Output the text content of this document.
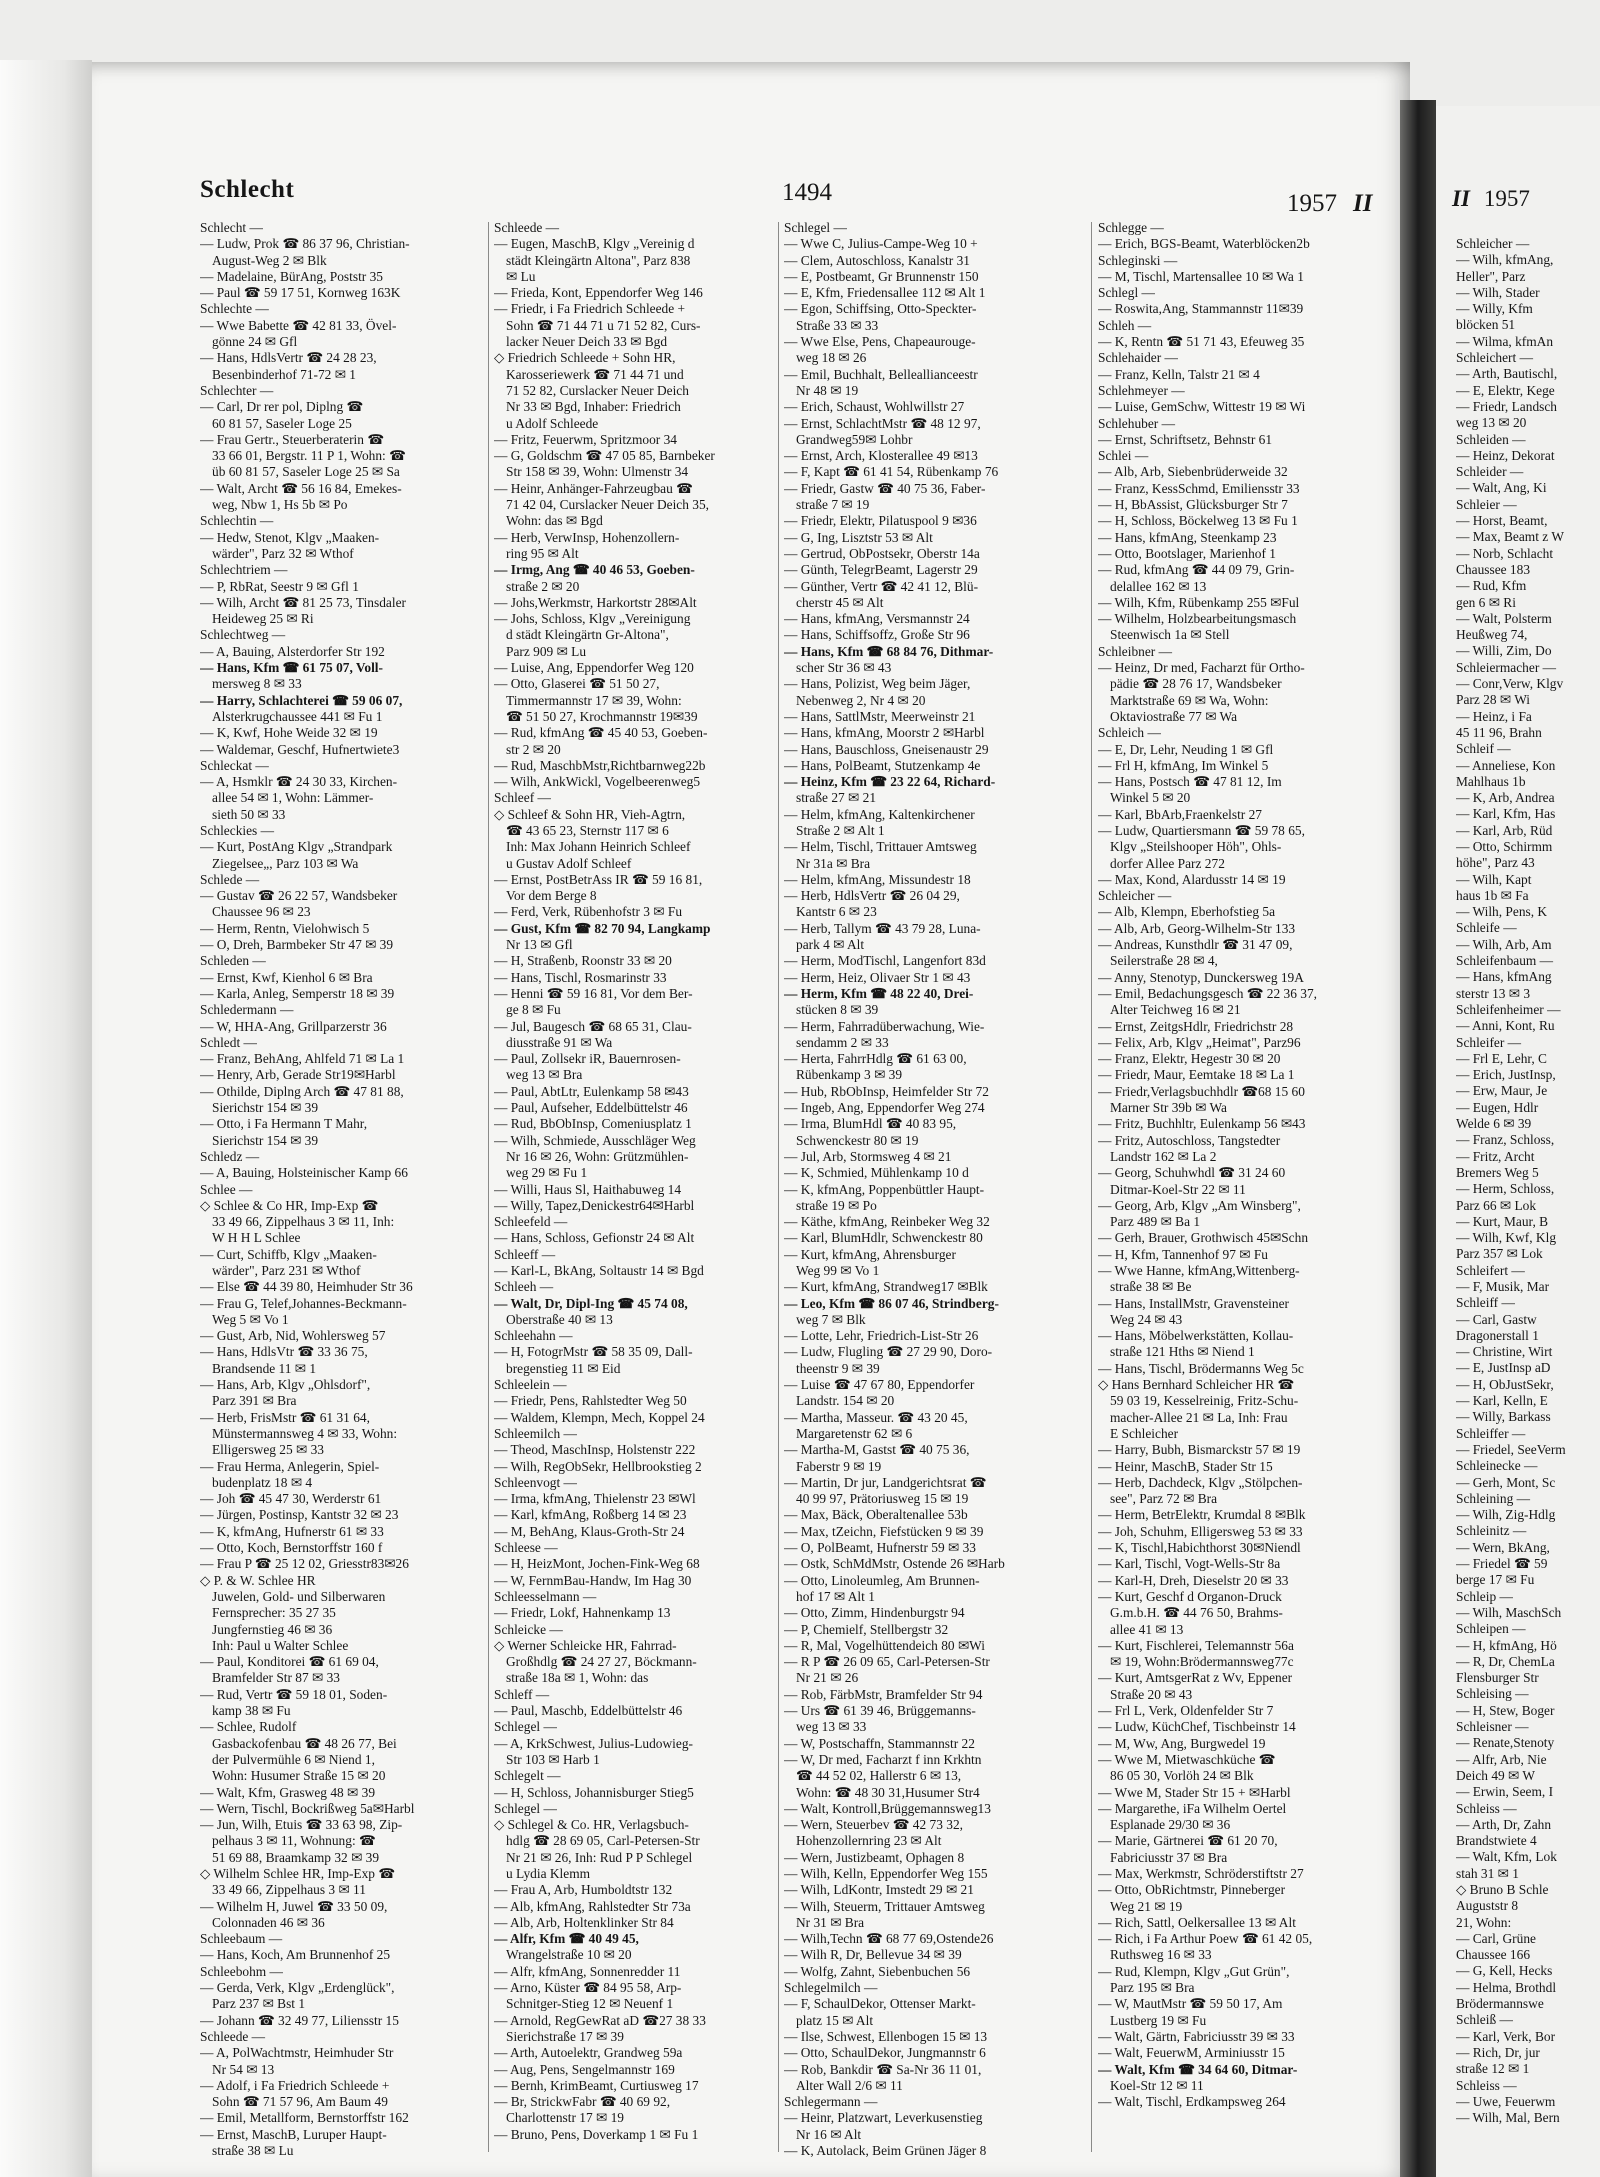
Schlecht	1494	1957 II
Schlecht —
— Ludw, Prok ☎ 86 37 96, Christian-
August-Weg 2 ✉ Blk
— Madelaine, BürAng, Poststr 35
— Paul ☎ 59 17 51, Kornweg 163K
Schlechte —
— Wwe Babette ☎ 42 81 33, Övel-
gönne 24 ✉ Gfl
— Hans, HdlsVertr ☎ 24 28 23,
Besenbinderhof 71-72 ✉ 1
Schlechter —
— Carl, Dr rer pol, Diplng ☎
60 81 57, Saseler Loge 25
— Frau Gertr., Steuerberaterin ☎
33 66 01, Bergstr. 11 P 1, Wohn: ☎
üb 60 81 57, Saseler Loge 25 ✉ Sa
— Walt, Archt ☎ 56 16 84, Emekes-
weg, Nbw 1, Hs 5b ✉ Po
Schlechtin —
— Hedw, Stenot, Klgv „Maaken-
wärder", Parz 32 ✉ Wthof
Schlechtriem —
— P, RbRat, Seestr 9 ✉ Gfl 1
— Wilh, Archt ☎ 81 25 73, Tinsdaler
Heideweg 25 ✉ Ri
Schlechtweg —
— A, Bauing, Alsterdorfer Str 192
— Hans, Kfm ☎ 61 75 07, Voll-
mersweg 8 ✉ 33
— Harry, Schlachterei ☎ 59 06 07,
Alsterkrugchaussee 441 ✉ Fu 1
— K, Kwf, Hohe Weide 32 ✉ 19
— Waldemar, Geschf, Hufnertwiete3
Schleckat —
— A, Hsmklr ☎ 24 30 33, Kirchen-
allee 54 ✉ 1, Wohn: Lämmer-
sieth 50 ✉ 33
Schleckies —
— Kurt, PostAng Klgv „Strandpark
Ziegelsee„, Parz 103 ✉ Wa
Schlede —
— Gustav ☎ 26 22 57, Wandsbeker
Chaussee 96 ✉ 23
— Herm, Rentn, Vielohwisch 5
— O, Dreh, Barmbeker Str 47 ✉ 39
Schleden —
— Ernst, Kwf, Kienhol 6 ✉ Bra
— Karla, Anleg, Semperstr 18 ✉ 39
Schledermann —
— W, HHA-Ang, Grillparzerstr 36
Schledt —
— Franz, BehAng, Ahlfeld 71 ✉ La 1
— Henry, Arb, Gerade Str19✉Harbl
— Othilde, Diplng Arch ☎ 47 81 88,
Sierichstr 154 ✉ 39
— Otto, i Fa Hermann T Mahr,
Sierichstr 154 ✉ 39
Schledz —
— A, Bauing, Holsteinischer Kamp 66
Schlee —
◇ Schlee & Co HR, Imp-Exp ☎
33 49 66, Zippelhaus 3 ✉ 11, Inh:
W H H L Schlee
— Curt, Schiffb, Klgv „Maaken-
wärder", Parz 231 ✉ Wthof
— Else ☎ 44 39 80, Heimhuder Str 36
— Frau G, Telef,Johannes-Beckmann-
Weg 5 ✉ Vo 1
— Gust, Arb, Nid, Wohlersweg 57
— Hans, HdlsVtr ☎ 33 36 75,
Brandsende 11 ✉ 1
— Hans, Arb, Klgv „Ohlsdorf",
Parz 391 ✉ Bra
— Herb, FrisMstr ☎ 61 31 64,
Münstermannsweg 4 ✉ 33, Wohn:
Elligersweg 25 ✉ 33
— Frau Herma, Anlegerin, Spiel-
budenplatz 18 ✉ 4
— Joh ☎ 45 47 30, Werderstr 61
— Jürgen, Postinsp, Kantstr 32 ✉ 23
— K, kfmAng, Hufnerstr 61 ✉ 33
— Otto, Koch, Bernstorffstr 160 f
— Frau P ☎ 25 12 02, Griesstr83✉26
◇ P. & W. Schlee HR
Juwelen, Gold- und Silberwaren
Fernsprecher: 35 27 35
Jungfernstieg 46 ✉ 36
Inh: Paul u Walter Schlee
— Paul, Konditorei ☎ 61 69 04,
Bramfelder Str 87 ✉ 33
— Rud, Vertr ☎ 59 18 01, Soden-
kamp 38 ✉ Fu
— Schlee, Rudolf
Gasbackofenbau ☎ 48 26 77, Bei
der Pulvermühle 6 ✉ Niend 1,
Wohn: Husumer Straße 15 ✉ 20
— Walt, Kfm, Grasweg 48 ✉ 39
— Wern, Tischl, Bockrißweg 5a✉Harbl
— Jun, Wilh, Etuis ☎ 33 63 98, Zip-
pelhaus 3 ✉ 11, Wohnung: ☎
51 69 88, Braamkamp 32 ✉ 39
◇ Wilhelm Schlee HR, Imp-Exp ☎
33 49 66, Zippelhaus 3 ✉ 11
— Wilhelm H, Juwel ☎ 33 50 09,
Colonnaden 46 ✉ 36
Schleebaum —
— Hans, Koch, Am Brunnenhof 25
Schleebohm —
— Gerda, Verk, Klgv „Erdenglück",
Parz 237 ✉ Bst 1
— Johann ☎ 32 49 77, Liliensstr 15
Schleede —
— A, PolWachtmstr, Heimhuder Str
Nr 54 ✉ 13
— Adolf, i Fa Friedrich Schleede +
Sohn ☎ 71 57 96, Am Baum 49
— Emil, Metallform, Bernstorffstr 162
— Ernst, MaschB, Luruper Haupt-
straße 38 ✉ Lu
Schleede —
— Eugen, MaschB, Klgv „Vereinig d
städt Kleingärtn Altona", Parz 838
✉ Lu
— Frieda, Kont, Eppendorfer Weg 146
— Friedr, i Fa Friedrich Schleede +
Sohn ☎ 71 44 71 u 71 52 82, Curs-
lacker Neuer Deich 33 ✉ Bgd
◇ Friedrich Schleede + Sohn HR,
Karosseriewerk ☎ 71 44 71 und
71 52 82, Curslacker Neuer Deich
Nr 33 ✉ Bgd, Inhaber: Friedrich
u Adolf Schleede
— Fritz, Feuerwm, Spritzmoor 34
— G, Goldschm ☎ 47 05 85, Barnbeker
Str 158 ✉ 39, Wohn: Ulmenstr 34
— Heinr, Anhänger-Fahrzeugbau ☎
71 42 04, Curslacker Neuer Deich 35,
Wohn: das ✉ Bgd
— Herb, VerwInsp, Hohenzollern-
ring 95 ✉ Alt
— Irmg, Ang ☎ 40 46 53, Goeben-
straße 2 ✉ 20
— Johs,Werkmstr, Harkortstr 28✉Alt
— Johs, Schloss, Klgv „Vereinigung
d städt Kleingärtn Gr-Altona",
Parz 909 ✉ Lu
— Luise, Ang, Eppendorfer Weg 120
— Otto, Glaserei ☎ 51 50 27,
Timmermannstr 17 ✉ 39, Wohn:
☎ 51 50 27, Krochmannstr 19✉39
— Rud, kfmAng ☎ 45 40 53, Goeben-
str 2 ✉ 20
— Rud, MaschbMstr,Richtbarnweg22b
— Wilh, AnkWickl, Vogelbeerenweg5
Schleef —
◇ Schleef & Sohn HR, Vieh-Agtrn,
☎ 43 65 23, Sternstr 117 ✉ 6
Inh: Max Johann Heinrich Schleef
u Gustav Adolf Schleef
— Ernst, PostBetrAss IR ☎ 59 16 81,
Vor dem Berge 8
— Ferd, Verk, Rübenhofstr 3 ✉ Fu
— Gust, Kfm ☎ 82 70 94, Langkamp
Nr 13 ✉ Gfl
— H, Straßenb, Roonstr 33 ✉ 20
— Hans, Tischl, Rosmarinstr 33
— Henni ☎ 59 16 81, Vor dem Ber-
ge 8 ✉ Fu
— Jul, Baugesch ☎ 68 65 31, Clau-
diusstraße 91 ✉ Wa
— Paul, Zollsekr iR, Bauernrosen-
weg 13 ✉ Bra
— Paul, AbtLtr, Eulenkamp 58 ✉43
— Paul, Aufseher, Eddelbüttelstr 46
— Rud, BbObInsp, Comeniusplatz 1
— Wilh, Schmiede, Ausschläger Weg
Nr 16 ✉ 26, Wohn: Grützmühlen-
weg 29 ✉ Fu 1
— Willi, Haus Sl, Haithabuweg 14
— Willy, Tapez,Denickestr64✉Harbl
Schleefeld —
— Hans, Schloss, Gefionstr 24 ✉ Alt
Schleeff —
— Karl-L, BkAng, Soltaustr 14 ✉ Bgd
Schleeh —
— Walt, Dr, Dipl-Ing ☎ 45 74 08,
Oberstraße 40 ✉ 13
Schleehahn —
— H, FotogrMstr ☎ 58 35 09, Dall-
bregenstieg 11 ✉ Eid
Schleelein —
— Friedr, Pens, Rahlstedter Weg 50
— Waldem, Klempn, Mech, Koppel 24
Schleemilch —
— Theod, MaschInsp, Holstenstr 222
— Wilh, RegObSekr, Hellbrookstieg 2
Schleenvogt —
— Irma, kfmAng, Thielenstr 23 ✉Wl
— Karl, kfmAng, Roßberg 14 ✉ 23
— M, BehAng, Klaus-Groth-Str 24
Schleese —
— H, HeizMont, Jochen-Fink-Weg 68
— W, FernmBau-Handw, Im Hag 30
Schleesselmann —
— Friedr, Lokf, Hahnenkamp 13
Schleicke —
◇ Werner Schleicke HR, Fahrrad-
Großhdlg ☎ 24 27 27, Böckmann-
straße 18a ✉ 1, Wohn: das
Schleff —
— Paul, Maschb, Eddelbüttelstr 46
Schlegel —
— A, KrkSchwest, Julius-Ludowieg-
Str 103 ✉ Harb 1
Schlegelt —
— H, Schloss, Johannisburger Stieg5
Schlegel —
◇ Schlegel & Co. HR, Verlagsbuch-
hdlg ☎ 28 69 05, Carl-Petersen-Str
Nr 21 ✉ 26, Inh: Rud P P Schlegel
u Lydia Klemm
— Frau A, Arb, Humboldtstr 132
— Alb, kfmAng, Rahlstedter Str 73a
— Alb, Arb, Holtenklinker Str 84
— Alfr, Kfm ☎ 40 49 45,
Wrangelstraße 10 ✉ 20
— Alfr, kfmAng, Sonnenredder 11
— Arno, Küster ☎ 84 95 58, Arp-
Schnitger-Stieg 12 ✉ Neuenf 1
— Arnold, RegGewRat aD ☎27 38 33
Sierichstraße 17 ✉ 39
— Arth, Autoelektr, Grandweg 59a
— Aug, Pens, Sengelmannstr 169
— Bernh, KrimBeamt, Curtiusweg 17
— Br, StrickwFabr ☎ 40 69 92,
Charlottenstr 17 ✉ 19
— Bruno, Pens, Doverkamp 1 ✉ Fu 1
Schlegel —
— Wwe C, Julius-Campe-Weg 10 +
— Clem, Autoschloss, Kanalstr 31
— E, Postbeamt, Gr Brunnenstr 150
— E, Kfm, Friedensallee 112 ✉ Alt 1
— Egon, Schiffsing, Otto-Speckter-
Straße 33 ✉ 33
— Wwe Else, Pens, Chapeaurouge-
weg 18 ✉ 26
— Emil, Buchhalt, Belleallianceestr
Nr 48 ✉ 19
— Erich, Schaust, Wohlwillstr 27
— Ernst, SchlachtMstr ☎ 48 12 97,
Grandweg59✉ Lohbr
— Ernst, Arch, Klosterallee 49 ✉13
— F, Kapt ☎ 61 41 54, Rübenkamp 76
— Friedr, Gastw ☎ 40 75 36, Faber-
straße 7 ✉ 19
— Friedr, Elektr, Pilatuspool 9 ✉36
— G, Ing, Lisztstr 53 ✉ Alt
— Gertrud, ObPostsekr, Oberstr 14a
— Günth, TelegrBeamt, Lagerstr 29
— Günther, Vertr ☎ 42 41 12, Blü-
cherstr 45 ✉ Alt
— Hans, kfmAng, Versmannstr 24
— Hans, Schiffsoffz, Große Str 96
— Hans, Kfm ☎ 68 84 76, Dithmar-
scher Str 36 ✉ 43
— Hans, Polizist, Weg beim Jäger,
Nebenweg 2, Nr 4 ✉ 20
— Hans, SattlMstr, Meerweinstr 21
— Hans, kfmAng, Moorstr 2 ✉Harbl
— Hans, Bauschloss, Gneisenaustr 29
— Hans, PolBeamt, Stutzenkamp 4e
— Heinz, Kfm ☎ 23 22 64, Richard-
straße 27 ✉ 21
— Helm, kfmAng, Kaltenkirchener
Straße 2 ✉ Alt 1
— Helm, Tischl, Trittauer Amtsweg
Nr 31a ✉ Bra
— Helm, kfmAng, Missundestr 18
— Herb, HdlsVertr ☎ 26 04 29,
Kantstr 6 ✉ 23
— Herb, Tallym ☎ 43 79 28, Luna-
park 4 ✉ Alt
— Herm, ModTischl, Langenfort 83d
— Herm, Heiz, Olivaer Str 1 ✉ 43
— Herm, Kfm ☎ 48 22 40, Drei-
stücken 8 ✉ 39
— Herm, Fahrradüberwachung, Wie-
sendamm 2 ✉ 33
— Herta, FahrrHdlg ☎ 61 63 00,
Rübenkamp 3 ✉ 39
— Hub, RbObInsp, Heimfelder Str 72
— Ingeb, Ang, Eppendorfer Weg 274
— Irma, BlumHdl ☎ 40 83 95,
Schwenckestr 80 ✉ 19
— Jul, Arb, Stormsweg 4 ✉ 21
— K, Schmied, Mühlenkamp 10 d
— K, kfmAng, Poppenbüttler Haupt-
straße 19 ✉ Po
— Käthe, kfmAng, Reinbeker Weg 32
— Karl, BlumHdlr, Schwenckestr 80
— Kurt, kfmAng, Ahrensburger
Weg 99 ✉ Vo 1
— Kurt, kfmAng, Strandweg17 ✉Blk
— Leo, Kfm ☎ 86 07 46, Strindberg-
weg 7 ✉ Blk
— Lotte, Lehr, Friedrich-List-Str 26
— Ludw, Flugling ☎ 27 29 90, Doro-
theenstr 9 ✉ 39
— Luise ☎ 47 67 80, Eppendorfer
Landstr. 154 ✉ 20
— Martha, Masseur. ☎ 43 20 45,
Margaretenstr 62 ✉ 6
— Martha-M, Gastst ☎ 40 75 36,
Faberstr 9 ✉ 19
— Martin, Dr jur, Landgerichtsrat ☎
40 99 97, Prätoriusweg 15 ✉ 19
— Max, Bäck, Oberaltenallee 53b
— Max, tZeichn, Fiefstücken 9 ✉ 39
— O, PolBeamt, Hufnerstr 59 ✉ 33
— Ostk, SchMdMstr, Ostende 26 ✉Harb
— Otto, Linoleumleg, Am Brunnen-
hof 17 ✉ Alt 1
— Otto, Zimm, Hindenburgstr 94
— P, Chemielf, Stellbergstr 32
— R, Mal, Vogelhüttendeich 80 ✉Wi
— R P ☎ 26 09 65, Carl-Petersen-Str
Nr 21 ✉ 26
— Rob, FärbMstr, Bramfelder Str 94
— Urs ☎ 61 39 46, Brüggemanns-
weg 13 ✉ 33
— W, Postschaffn, Stammannstr 22
— W, Dr med, Facharzt f inn Krkhtn
☎ 44 52 02, Hallerstr 6 ✉ 13,
Wohn: ☎ 48 30 31,Husumer Str4
— Walt, Kontroll,Brüggemannsweg13
— Wern, Steuerbev ☎ 42 73 32,
Hohenzollernring 23 ✉ Alt
— Wern, Justizbeamt, Ophagen 8
— Wilh, Kelln, Eppendorfer Weg 155
— Wilh, LdKontr, Imstedt 29 ✉ 21
— Wilh, Steuerm, Trittauer Amtsweg
Nr 31 ✉ Bra
— Wilh,Techn ☎ 68 77 69,Ostende26
— Wilh R, Dr, Bellevue 34 ✉ 39
— Wolfg, Zahnt, Siebenbuchen 56
Schlegelmilch —
— F, SchaulDekor, Ottenser Markt-
platz 15 ✉ Alt
— Ilse, Schwest, Ellenbogen 15 ✉ 13
— Otto, SchaulDekor, Jungmannstr 6
— Rob, Bankdir ☎ Sa-Nr 36 11 01,
Alter Wall 2/6 ✉ 11
Schlegermann —
— Heinr, Platzwart, Leverkusenstieg
Nr 16 ✉ Alt
— K, Autolack, Beim Grünen Jäger 8
Schlegge —
— Erich, BGS-Beamt, Waterblöcken2b
Schleginski —
— M, Tischl, Martensallee 10 ✉ Wa 1
Schlegl —
— Roswita,Ang, Stammannstr 11✉39
Schleh —
— K, Rentn ☎ 51 71 43, Efeuweg 35
Schlehaider —
— Franz, Kelln, Talstr 21 ✉ 4
Schlehmeyer —
— Luise, GemSchw, Wittestr 19 ✉ Wi
Schlehuber —
— Ernst, Schriftsetz, Behnstr 61
Schlei —
— Alb, Arb, Siebenbrüderweide 32
— Franz, KessSchmd, Emiliensstr 33
— H, BbAssist, Glücksburger Str 7
— H, Schloss, Böckelweg 13 ✉ Fu 1
— Hans, kfmAng, Steenkamp 23
— Otto, Bootslager, Marienhof 1
— Rud, kfmAng ☎ 44 09 79, Grin-
delallee 162 ✉ 13
— Wilh, Kfm, Rübenkamp 255 ✉Ful
— Wilhelm, Holzbearbeitungsmasch
Steenwisch 1a ✉ Stell
Schleibner —
— Heinz, Dr med, Facharzt für Ortho-
pädie ☎ 28 76 17, Wandsbeker
Marktstraße 69 ✉ Wa, Wohn:
Oktaviostraße 77 ✉ Wa
Schleich —
— E, Dr, Lehr, Neuding 1 ✉ Gfl
— Frl H, kfmAng, Im Winkel 5
— Hans, Postsch ☎ 47 81 12, Im
Winkel 5 ✉ 20
— Karl, BbArb,Fraenkelstr 27
— Ludw, Quartiersmann ☎ 59 78 65,
Klgv „Steilshooper Höh", Ohls-
dorfer Allee Parz 272
— Max, Kond, Alardusstr 14 ✉ 19
Schleicher —
— Alb, Klempn, Eberhofstieg 5a
— Alb, Arb, Georg-Wilhelm-Str 133
— Andreas, Kunsthdlr ☎ 31 47 09,
Seilerstraße 28 ✉ 4,
— Anny, Stenotyp, Dunckersweg 19A
— Emil, Bedachungsgesch ☎ 22 36 37,
Alter Teichweg 16 ✉ 21
— Ernst, ZeitgsHdlr, Friedrichstr 28
— Felix, Arb, Klgv „Heimat", Parz96
— Franz, Elektr, Hegestr 30 ✉ 20
— Friedr, Maur, Eemtake 18 ✉ La 1
— Friedr,Verlagsbuchhdlr ☎68 15 60
Marner Str 39b ✉ Wa
— Fritz, Buchhltr, Eulenkamp 56 ✉43
— Fritz, Autoschloss, Tangstedter
Landstr 162 ✉ La 2
— Georg, Schuhwhdl ☎ 31 24 60
Ditmar-Koel-Str 22 ✉ 11
— Georg, Arb, Klgv „Am Winsberg",
Parz 489 ✉ Ba 1
— Gerh, Brauer, Grothwisch 45✉Schn
— H, Kfm, Tannenhof 97 ✉ Fu
— Wwe Hanne, kfmAng,Wittenberg-
straße 38 ✉ Be
— Hans, InstallMstr, Gravensteiner
Weg 24 ✉ 43
— Hans, Möbelwerkstätten, Kollau-
straße 121 Hths ✉ Niend 1
— Hans, Tischl, Brödermanns Weg 5c
◇ Hans Bernhard Schleicher HR ☎
59 03 19, Kesselreinig, Fritz-Schu-
macher-Allee 21 ✉ La, Inh: Frau
E Schleicher
— Harry, Bubh, Bismarckstr 57 ✉ 19
— Heinr, MaschB, Stader Str 15
— Herb, Dachdeck, Klgv „Stölpchen-
see", Parz 72 ✉ Bra
— Herm, BetrElektr, Krumdal 8 ✉Blk
— Joh, Schuhm, Elligersweg 53 ✉ 33
— K, Tischl,Habichthorst 30✉Niendl
— Karl, Tischl, Vogt-Wells-Str 8a
— Karl-H, Dreh, Dieselstr 20 ✉ 33
— Kurt, Geschf d Organon-Druck
G.m.b.H. ☎ 44 76 50, Brahms-
allee 41 ✉ 13
— Kurt, Fischlerei, Telemannstr 56a
✉ 19, Wohn:Brödermannsweg77c
— Kurt, AmtsgerRat z Wv, Eppener
Straße 20 ✉ 43
— Frl L, Verk, Oldenfelder Str 7
— Ludw, KüchChef, Tischbeinstr 14
— M, Ww, Ang, Burgwedel 19
— Wwe M, Mietwaschküche ☎
86 05 30, Vorlöh 24 ✉ Blk
— Wwe M, Stader Str 15 + ✉Harbl
— Margarethe, iFa Wilhelm Oertel
Esplanade 29/30 ✉ 36
— Marie, Gärtnerei ☎ 61 20 70,
Fabriciusstr 37 ✉ Bra
— Max, Werkmstr, Schröderstiftstr 27
— Otto, ObRichtmstr, Pinneberger
Weg 21 ✉ 19
— Rich, Sattl, Oelkersallee 13 ✉ Alt
— Rich, i Fa Arthur Poew ☎ 61 42 05,
Ruthsweg 16 ✉ 33
— Rud, Klempn, Klgv „Gut Grün",
Parz 195 ✉ Bra
— W, MautMstr ☎ 59 50 17, Am
Lustberg 19 ✉ Fu
— Walt, Gärtn, Fabriciusstr 39 ✉ 33
— Walt, FeuerwM, Arminiusstr 15
— Walt, Kfm ☎ 34 64 60, Ditmar-
Koel-Str 12 ✉ 11
— Walt, Tischl, Erdkampsweg 264
II 1957
Schleicher —
— Wilh, kfmAng,
Heller", Parz
— Wilh, Stader
— Willy, Kfm
blöcken 51
— Wilma, kfmAn
Schleichert —
— Arth, Bautischl,
— E, Elektr, Kege
— Friedr, Landsch
weg 13 ✉ 20
Schleiden —
— Heinz, Dekorat
Schleider —
— Walt, Ang, Ki
Schleier —
— Horst, Beamt,
— Max, Beamt z W
— Norb, Schlacht
Chaussee 183
— Rud, Kfm
gen 6 ✉ Ri
— Walt, Polsterm
Heußweg 74,
— Willi, Zim, Do
Schleiermacher —
— Conr,Verw, Klgv
Parz 28 ✉ Wi
— Heinz, i Fa
45 11 96, Brahn
Schleif —
— Anneliese, Kon
Mahlhaus 1b
— K, Arb, Andrea
— Karl, Kfm, Has
— Karl, Arb, Rüd
— Otto, Schirmm
höhe", Parz 43
— Wilh, Kapt
haus 1b ✉ Fa
— Wilh, Pens, K
Schleife —
— Wilh, Arb, Am
Schleifenbaum —
— Hans, kfmAng
sterstr 13 ✉ 3
Schleifenheimer —
— Anni, Kont, Ru
Schleifer —
— Frl E, Lehr, C
— Erich, JustInsp,
— Erw, Maur, Je
— Eugen, Hdlr
Welde 6 ✉ 39
— Franz, Schloss,
— Fritz, Archt
Bremers Weg 5
— Herm, Schloss,
Parz 66 ✉ Lok
— Kurt, Maur, B
— Wilh, Kwf, Klg
Parz 357 ✉ Lok
Schleifert —
— F, Musik, Mar
Schleiff —
— Carl, Gastw
Dragonerstall 1
— Christine, Wirt
— E, JustInsp aD
— H, ObJustSekr,
— Karl, Kelln, E
— Willy, Barkass
Schleiffer —
— Friedel, SeeVerm
Schleinecke —
— Gerh, Mont, Sc
Schleining —
— Wilh, Zig-Hdlg
Schleinitz —
— Wern, BkAng,
— Friedel ☎ 59
berge 17 ✉ Fu
Schleip —
— Wilh, MaschSch
Schleipen —
— H, kfmAng, Hö
— R, Dr, ChemLa
Flensburger Str
Schleising —
— H, Stew, Boger
Schleisner —
— Renate,Stenoty
— Alfr, Arb, Nie
Deich 49 ✉ W
— Erwin, Seem, I
Schleiss —
— Arth, Dr, Zahn
Brandstwiete 4
— Walt, Kfm, Lok
stah 31 ✉ 1
◇ Bruno B Schle
Auguststr 8
21, Wohn:
— Carl, Grüne
Chaussee 166
— G, Kell, Hecks
— Helma, Brothdl
Brödermannswe
Schleiß —
— Karl, Verk, Bor
— Rich, Dr, jur
straße 12 ✉ 1
Schleiss —
— Uwe, Feuerwm
— Wilh, Mal, Bern
